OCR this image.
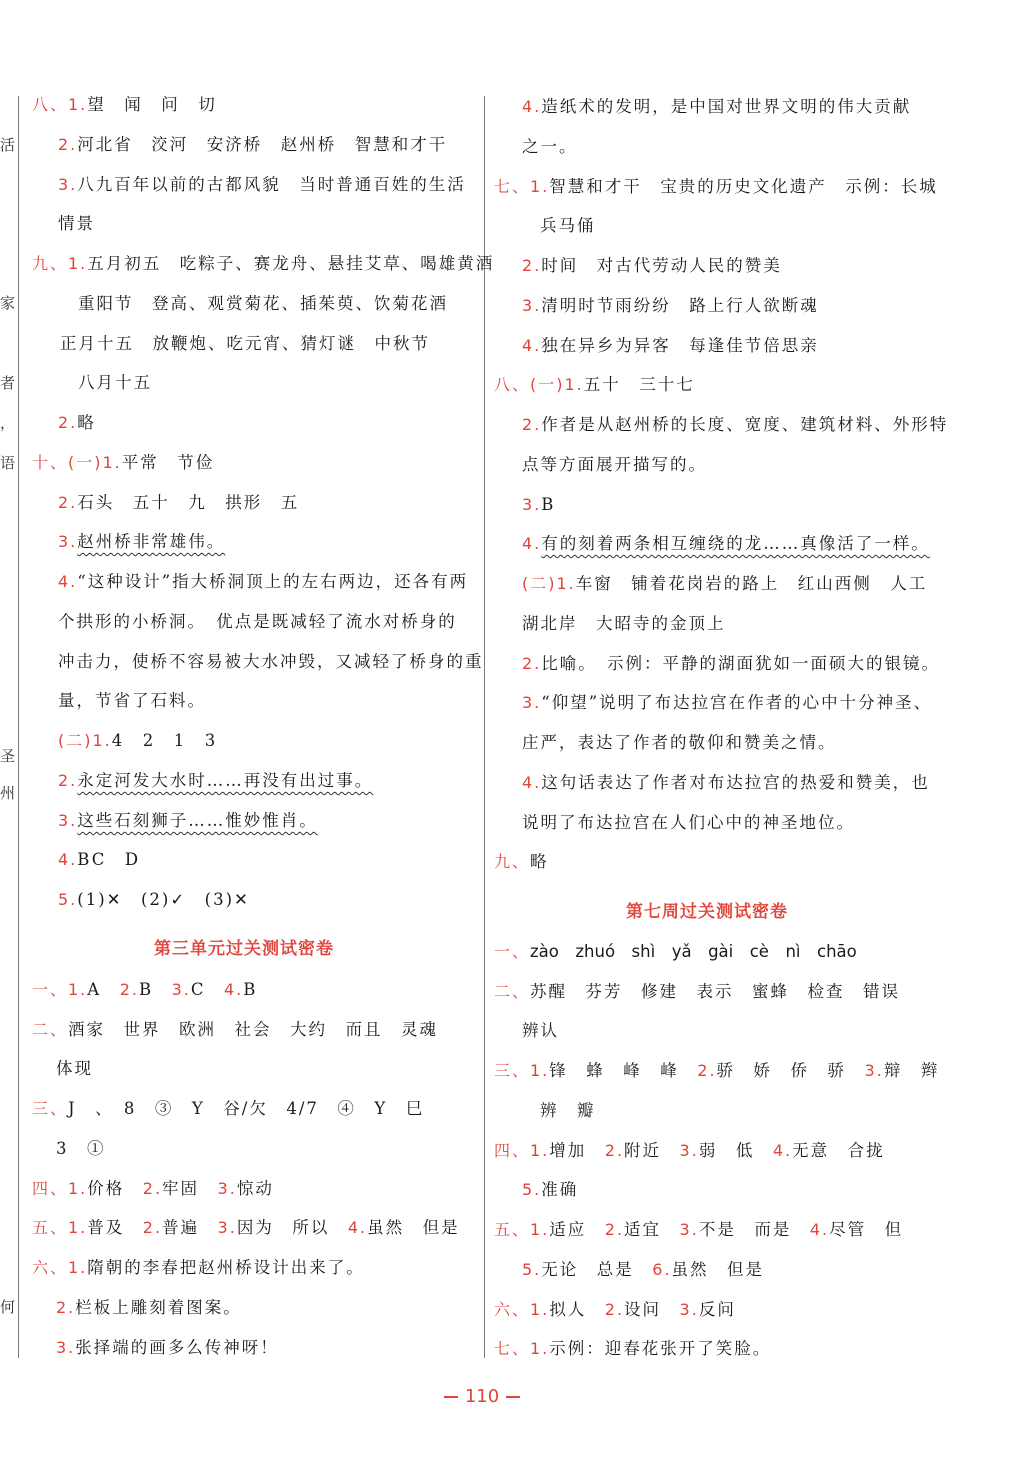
活
家
者
，
语
圣
州
何
八、1.望　闻　问　切
2.河北省　洨河　安济桥　赵州桥　智慧和才干
3.八九百年以前的古都风貌　当时普通百姓的生活
情景
九、1.五月初五　吃粽子、赛龙舟、悬挂艾草、喝雄黄酒
重阳节　登高、观赏菊花、插茱萸、饮菊花酒
正月十五　放鞭炮、吃元宵、猜灯谜　中秋节
八月十五
2.略
十、(一)1.平常　节俭
2.石头　五十　九　拱形　五
3.赵州桥非常雄伟。
4.“这种设计”指大桥洞顶上的左右两边，还各有两
个拱形的小桥洞。　优点是既减轻了流水对桥身的
冲击力，使桥不容易被大水冲毁，又减轻了桥身的重
量，节省了石料。
(二)1.4　2　1　3
2.永定河发大水时……再没有出过事。
3.这些石刻狮子……惟妙惟肖。
4.BC　D
5.(1)✕　(2)✓　(3)✕
第三单元过关测试密卷
一、1.A　 2.B　 3.C　 4.B
二、酒家　世界　欧洲　社会　大约　而且　灵魂
体现
三、J　、　8　③　Y　谷/欠　4/7　④　Y　巳
3　①
四、1.价格　 2.牢固　 3.惊动
五、1.普及　 2.普遍　 3.因为　所以　 4.虽然　但是
六、1.隋朝的李春把赵州桥设计出来了。
2.栏板上雕刻着图案。
3.张择端的画多么传神呀！
4.造纸术的发明，是中国对世界文明的伟大贡献
之一。
七、1.智慧和才干　宝贵的历史文化遗产　示例：长城
兵马俑
2.时间　对古代劳动人民的赞美
3.清明时节雨纷纷　路上行人欲断魂
4.独在异乡为异客　每逢佳节倍思亲
八、(一)1.五十　三十七
2.作者是从赵州桥的长度、宽度、建筑材料、外形特
点等方面展开描写的。
3.B
4.有的刻着两条相互缠绕的龙……真像活了一样。
(二)1.车窗　铺着花岗岩的路上　红山西侧　人工
湖北岸　大昭寺的金顶上
2.比喻。　示例：平静的湖面犹如一面硕大的银镜。
3.“仰望”说明了布达拉宫在作者的心中十分神圣、
庄严，表达了作者的敬仰和赞美之情。
4.这句话表达了作者对布达拉宫的热爱和赞美，也
说明了布达拉宫在人们心中的神圣地位。
九、略
第七周过关测试密卷
一、zào　zhuó　shì　yǎ　gài　cè　nì　chāo
二、苏醒　芬芳　修建　表示　蜜蜂　检查　错误
辨认
三、1.锋　蜂　峰　峰　 2.骄　娇　侨　骄　 3.辩　辫
辨　瓣
四、1.增加　 2.附近　 3.弱　低　 4.无意　合拢
5.准确
五、1.适应　 2.适宜　 3.不是　而是　 4.尽管　但
5.无论　总是　 6.虽然　但是
六、1.拟人　 2.设问　 3.反问
七、1.示例：迎春花张开了笑脸。
110
